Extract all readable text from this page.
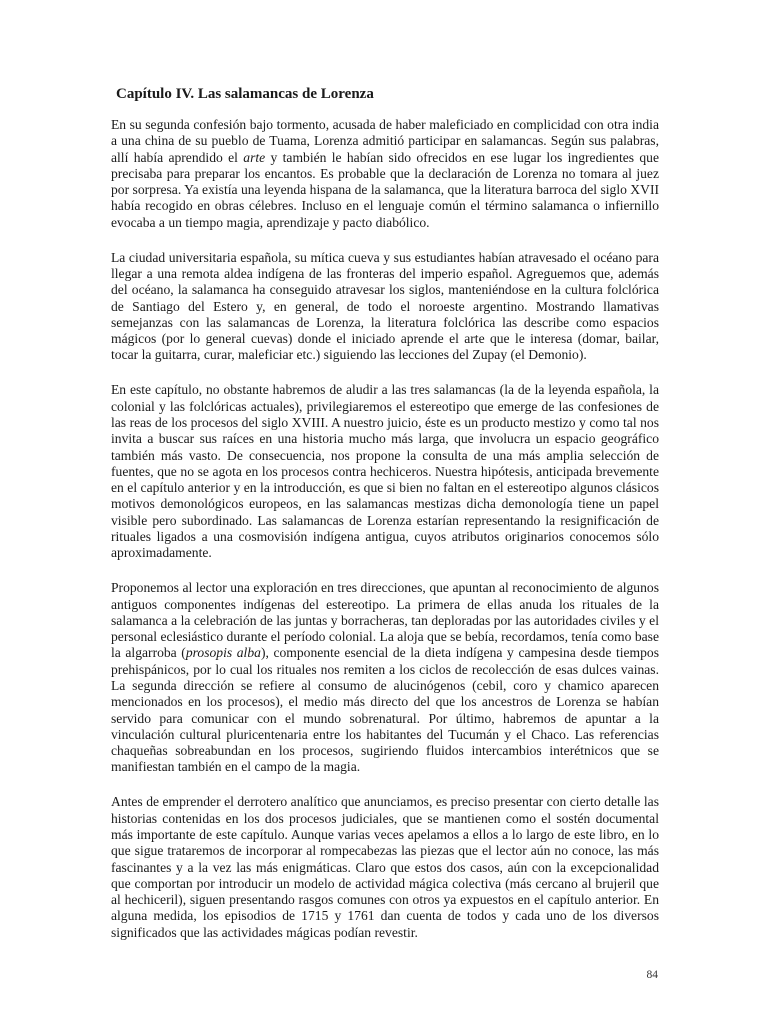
Capítulo IV. Las salamancas de Lorenza

En su segunda confesión bajo tormento, acusada de haber maleficiado en complicidad con otra india a una china de su pueblo de Tuama, Lorenza admitió participar en salamancas. Según sus palabras, allí había aprendido el arte y también le habían sido ofrecidos en ese lugar los ingredientes que precisaba para preparar los encantos. Es probable que la declaración de Lorenza no tomara al juez por sorpresa. Ya existía una leyenda hispana de la salamanca, que la literatura barroca del siglo XVII había recogido en obras célebres. Incluso en el lenguaje común el término salamanca o infiernillo evocaba a un tiempo magia, aprendizaje y pacto diabólico.

La ciudad universitaria española, su mítica cueva y sus estudiantes habían atravesado el océano para llegar a una remota aldea indígena de las fronteras del imperio español. Agreguemos que, además del océano, la salamanca ha conseguido atravesar los siglos, manteniéndose en la cultura folclórica de Santiago del Estero y, en general, de todo el noroeste argentino. Mostrando llamativas semejanzas con las salamancas de Lorenza, la literatura folclórica las describe como espacios mágicos (por lo general cuevas) donde el iniciado aprende el arte que le interesa (domar, bailar, tocar la guitarra, curar, maleficiar etc.) siguiendo las lecciones del Zupay (el Demonio).

En este capítulo, no obstante habremos de aludir a las tres salamancas (la de la leyenda española, la colonial y las folclóricas actuales), privilegiaremos el estereotipo que emerge de las confesiones de las reas de los procesos del siglo XVIII. A nuestro juicio, éste es un producto mestizo y como tal nos invita a buscar sus raíces en una historia mucho más larga, que involucra un espacio geográfico también más vasto. De consecuencia, nos propone la consulta de una más amplia selección de fuentes, que no se agota en los procesos contra hechiceros. Nuestra hipótesis, anticipada brevemente en el capítulo anterior y en la introducción, es que si bien no faltan en el estereotipo algunos clásicos motivos demonológicos europeos, en las salamancas mestizas dicha demonología tiene un papel visible pero subordinado. Las salamancas de Lorenza estarían representando la resignificación de rituales ligados a una cosmovisión indígena antigua, cuyos atributos originarios conocemos sólo aproximadamente.

Proponemos al lector una exploración en tres direcciones, que apuntan al reconocimiento de algunos antiguos componentes indígenas del estereotipo. La primera de ellas anuda los rituales de la salamanca a la celebración de las juntas y borracheras, tan deploradas por las autoridades civiles y el personal eclesiástico durante el período colonial. La aloja que se bebía, recordamos, tenía como base la algarroba (prosopis alba), componente esencial de la dieta indígena y campesina desde tiempos prehispánicos, por lo cual los rituales nos remiten a los ciclos de recolección de esas dulces vainas. La segunda dirección se refiere al consumo de alucinógenos (cebil, coro y chamico aparecen mencionados en los procesos), el medio más directo del que los ancestros de Lorenza se habían servido para comunicar con el mundo sobrenatural. Por último, habremos de apuntar a la vinculación cultural pluricentenaria entre los habitantes del Tucumán y el Chaco. Las referencias chaqueñas sobreabundan en los procesos, sugiriendo fluidos intercambios interétnicos que se manifiestan también en el campo de la magia.

Antes de emprender el derrotero analítico que anunciamos, es preciso presentar con cierto detalle las historias contenidas en los dos procesos judiciales, que se mantienen como el sostén documental más importante de este capítulo. Aunque varias veces apelamos a ellos a lo largo de este libro, en lo que sigue trataremos de incorporar al rompecabezas las piezas que el lector aún no conoce, las más fascinantes y a la vez las más enigmáticas. Claro que estos dos casos, aún con la excepcionalidad que comportan por introducir un modelo de actividad mágica colectiva (más cercano al brujeril que al hechiceril), siguen presentando rasgos comunes con otros ya expuestos en el capítulo anterior. En alguna medida, los episodios de 1715 y 1761 dan cuenta de todos y cada uno de los diversos significados que las actividades mágicas podían revestir.

84
